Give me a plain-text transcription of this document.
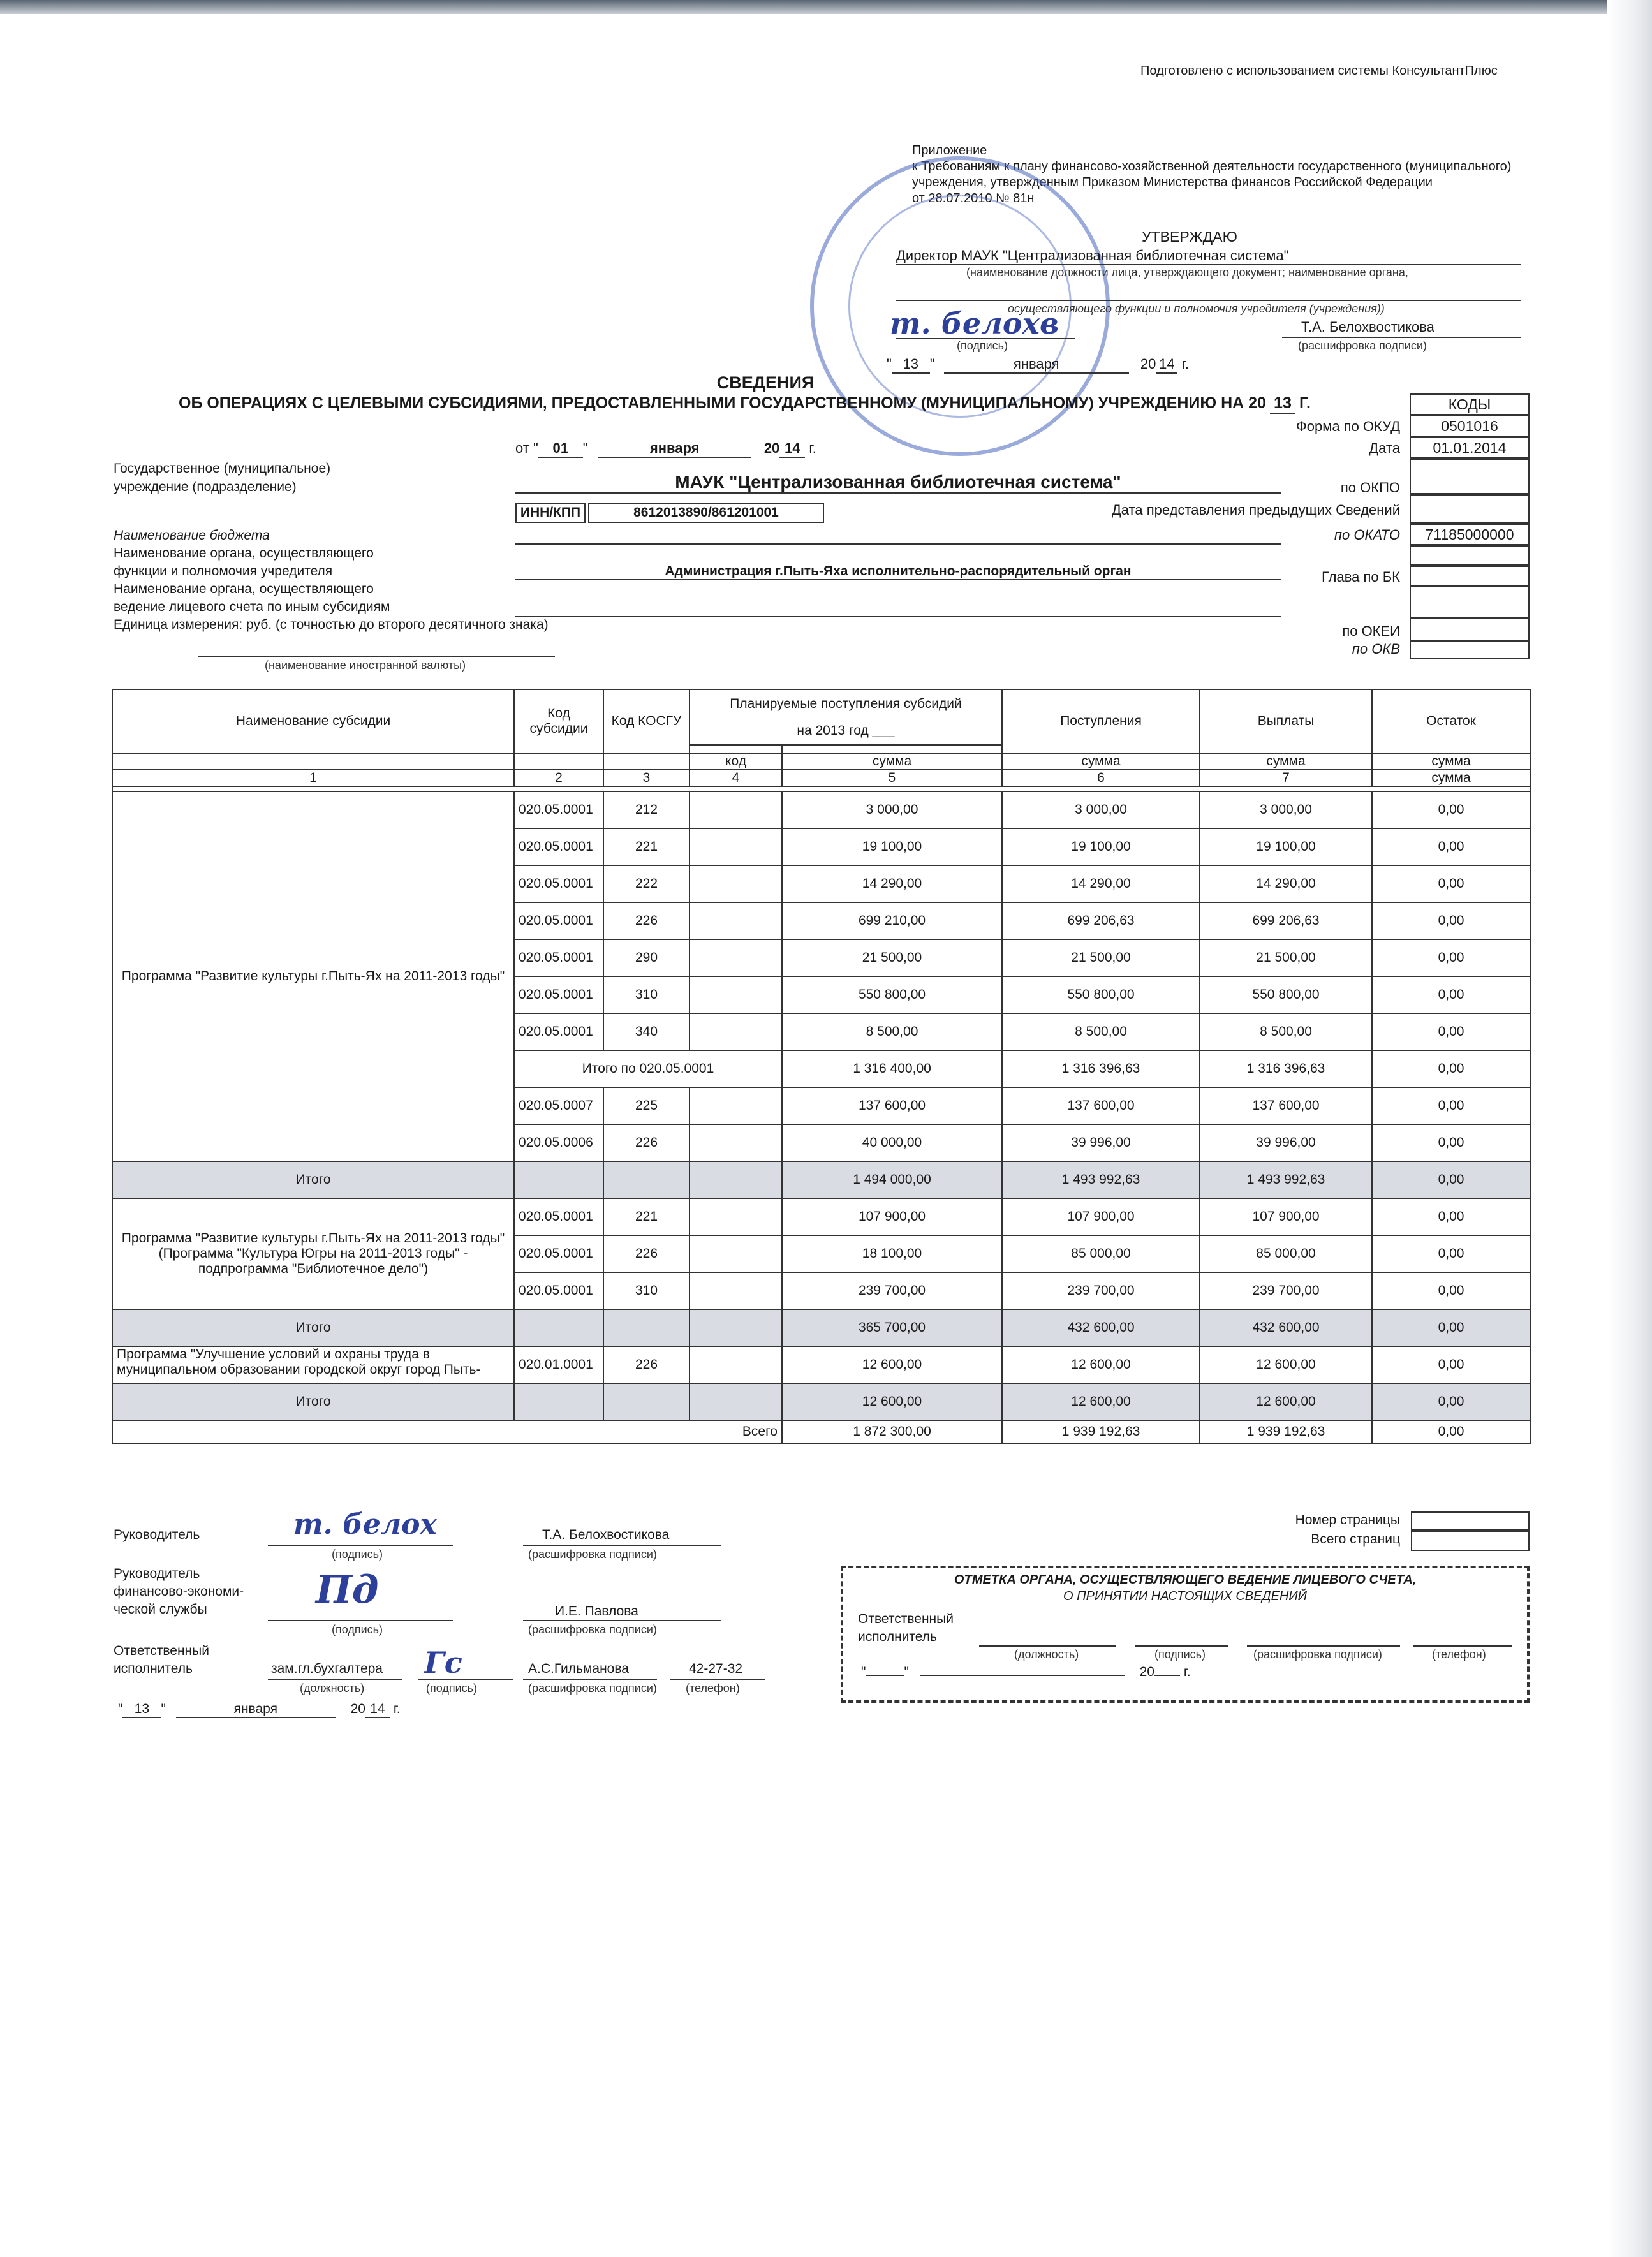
Подготовлено с использованием системы КонсультантПлюс
Приложение
к Требованиям к плану финансово-хозяйственной деятельности государственного (муниципального)
учреждения, утвержденным Приказом Министерства финансов Российской Федерации
от 28.07.2010 № 81н
УТВЕРЖДАЮ
Директор МАУК "Централизованная библиотечная система"
(наименование должности лица, утверждающего документ; наименование органа,
осуществляющего функции и полномочия учредителя (учреждения))
т. белохв	Т.А. Белохвостикова
(подпись)	(расшифровка подписи)
" 13 "	января	20 14 г.
СВЕДЕНИЯ
ОБ ОПЕРАЦИЯХ С ЦЕЛЕВЫМИ СУБСИДИЯМИ, ПРЕДОСТАВЛЕННЫМИ ГОСУДАРСТВЕННОМУ (МУНИЦИПАЛЬНОМУ) УЧРЕЖДЕНИЮ НА 20 13 Г.
от " 01 "	января	20 14 г.
КОДЫ
Форма по ОКУД	0501016
Дата	01.01.2014
по ОКПО
Дата представления предыдущих Сведений
по ОКАТО	71185000000
Глава по БК
по ОКЕИ
по ОКВ
Государственное (муниципальное)
учреждение (подразделение)	МАУК "Централизованная библиотечная система"
ИНН/КПП	8612013890/861201001
Наименование бюджета
Наименование органа, осуществляющего
функции и полномочия учредителя	Администрация г.Пыть-Яха исполнительно-распорядительный орган
Наименование органа, осуществляющего
ведение лицевого счета по иным субсидиям
Единица измерения: руб. (с точностью до второго десятичного знака)
(наименование иностранной валюты)
Наименование субсидии	Код субсидии	Код КОСГУ	Планируемые поступления субсидий
на 2013 год ___		Поступления	Выплаты	Остаток

			код	сумма	сумма	сумма	сумма
1	2	3	4	5	6	7	сумма

Программа "Развитие культуры г.Пыть-Ях на 2011-2013 годы"	020.05.0001	212		3 000,00	3 000,00	3 000,00	0,00
	020.05.0001	221		19 100,00	19 100,00	19 100,00	0,00
	020.05.0001	222		14 290,00	14 290,00	14 290,00	0,00
	020.05.0001	226		699 210,00	699 206,63	699 206,63	0,00
	020.05.0001	290		21 500,00	21 500,00	21 500,00	0,00
	020.05.0001	310		550 800,00	550 800,00	550 800,00	0,00
	020.05.0001	340		8 500,00	8 500,00	8 500,00	0,00
	Итого по 020.05.0001			1 316 400,00	1 316 396,63	1 316 396,63	0,00
	020.05.0007	225		137 600,00	137 600,00	137 600,00	0,00
	020.05.0006	226		40 000,00	39 996,00	39 996,00	0,00
Итого				1 494 000,00	1 493 992,63	1 493 992,63	0,00
Программа "Развитие культуры г.Пыть-Ях на 2011-2013 годы" (Программа "Культура Югры на 2011-2013 годы" - подпрограмма "Библиотечное дело")	020.05.0001	221		107 900,00	107 900,00	107 900,00	0,00
	020.05.0001	226		18 100,00	85 000,00	85 000,00	0,00
	020.05.0001	310		239 700,00	239 700,00	239 700,00	0,00
Итого				365 700,00	432 600,00	432 600,00	0,00
Программа "Улучшение условий и охраны труда в муниципальном образовании городской округ город Пыть-	020.01.0001	226		12 600,00	12 600,00	12 600,00	0,00
Итого				12 600,00	12 600,00	12 600,00	0,00
Всего				1 872 300,00	1 939 192,63	1 939 192,63	0,00
Руководитель	т. белох	Т.А. Белохвостикова
(подпись)	(расшифровка подписи)
Руководитель
финансово-экономи-
ческой службы	Пд	И.Е. Павлова
(подпись)	(расшифровка подписи)
Ответственный
исполнитель	зам.гл.бухгалтера Гс	А.С.Гильманова	42-27-32
(должность)	(подпись)	(расшифровка подписи)	(телефон)
" 13 "	января	20 14 г.
Номер страницы
Всего страниц
ОТМЕТКА ОРГАНА, ОСУЩЕСТВЛЯЮЩЕГО ВЕДЕНИЕ ЛИЦЕВОГО СЧЕТА,
О ПРИНЯТИИ НАСТОЯЩИХ СВЕДЕНИЙ
Ответственный
исполнитель
(должность)	(подпись)	(расшифровка подписи)	(телефон)
"	"	20 г.
